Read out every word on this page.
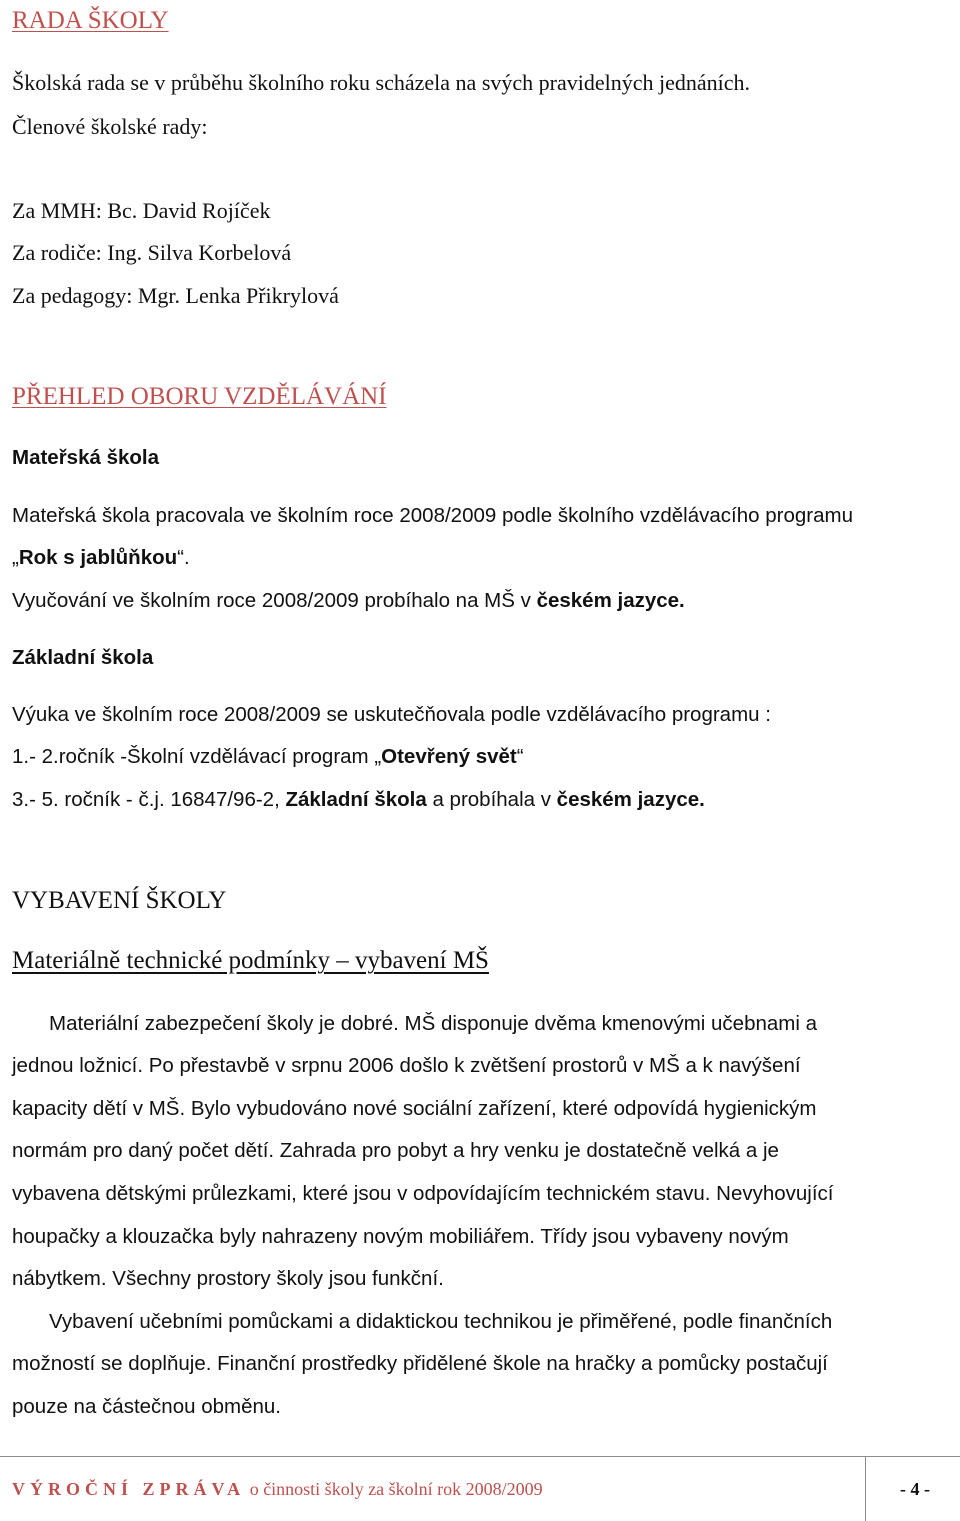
RADA ŠKOLY
Školská rada se v průběhu školního roku scházela na svých pravidelných jednáních.
Členové školské rady:
Za MMH: Bc. David Rojíček
Za rodiče: Ing. Silva Korbelová
Za pedagogy: Mgr. Lenka Přikrylová
PŘEHLED OBORU VZDĚLÁVÁNÍ
Mateřská škola
Mateřská škola pracovala ve školním roce 2008/2009 podle školního vzdělávacího programu
„Rok s jablůňkou“.
Vyučování ve školním roce 2008/2009 probíhalo na MŠ v českém jazyce.
Základní škola
Výuka ve školním roce 2008/2009 se uskutečňovala podle vzdělávacího programu :
1.- 2.ročník -Školní vzdělávací program „Otevřený svět“
3.- 5. ročník - č.j. 16847/96-2, Základní škola a probíhala v českém jazyce.
VYBAVENÍ ŠKOLY
Materiálně technické podmínky – vybavení MŠ
Materiální zabezpečení školy je dobré. MŠ disponuje dvěma kmenovými učebnami a
jednou ložnicí. Po přestavbě v srpnu 2006 došlo k zvětšení prostorů v MŠ a k navýšení
kapacity dětí v MŠ. Bylo vybudováno nové sociální zařízení, které odpovídá hygienickým
normám pro daný počet dětí. Zahrada pro pobyt a hry venku je dostatečně velká a je
vybavena dětskými průlezkami, které jsou v odpovídajícím technickém stavu. Nevyhovující
houpačky a klouzačka byly nahrazeny novým mobiliářem. Třídy jsou vybaveny novým
nábytkem. Všechny prostory školy jsou funkční.
Vybavení učebními pomůckami a didaktickou technikou je přiměřené, podle finančních
možností se doplňuje. Finanční prostředky přidělené škole na hračky a pomůcky postačují
pouze na částečnou obměnu.
VÝROČNÍ ZPRÁVA o činnosti školy za školní rok 2008/2009	- 4 -
